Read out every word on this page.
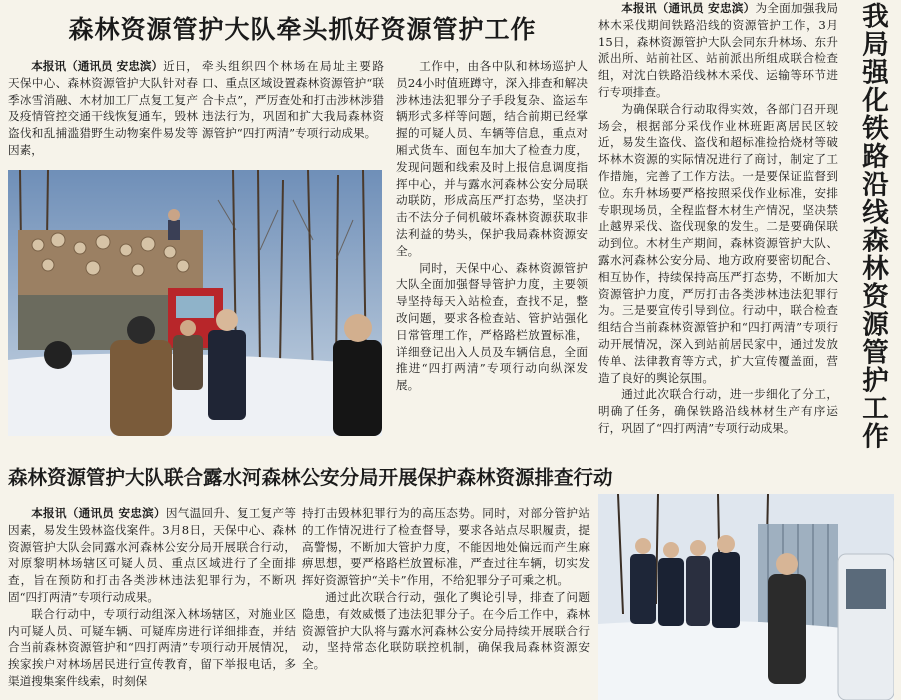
森林资源管护大队牵头抓好资源管护工作

本报讯（通讯员 安忠滨）近日，天保中心、森林资源管护大队针对春季冰雪消融、木材加工厂点复工复产及疫情管控交通干线恢复通车，毁林盗伐和乱捕滥猎野生动物案件易发等因素，

牵头组织四个林场在局址主要路口、重点区域设置森林资源管护“联合卡点”，严厉查处和打击涉林涉猎违法行为，巩固和扩大我局森林资源管护“四打两清”专项行动成果。

工作中，由各中队和林场巡护人员24小时值班蹲守，深入排查和解决涉林违法犯罪分子手段复杂、盗运车辆形式多样等问题，结合前期已经掌握的可疑人员、车辆等信息，重点对厢式货车、面包车加大了检查力度，发现问题和线索及时上报信息调度指挥中心，并与露水河森林公安分局联动联防，形成高压严打态势，坚决打击不法分子伺机破坏森林资源获取非法利益的势头，保护我局森林资源安全。

同时，天保中心、森林资源管护大队全面加强督导管护力度，主要领导坚持每天入站检查，查找不足，整改问题，要求各检查站、管护站强化日常管理工作，严格路栏放置标准，详细登记出入人员及车辆信息，全面推进“四打两清”专项行动向纵深发展。

森林资源管护大队联合露水河森林公安分局开展保护森林资源排查行动

本报讯（通讯员 安忠滨）因气温回升、复工复产等因素，易发生毁林盗伐案件。3月8日，天保中心、森林资源管护大队会同露水河森林公安分局开展联合行动，对原黎明林场辖区可疑人员、重点区域进行了全面排查，旨在预防和打击各类涉林违法犯罪行为，不断巩固“四打两清”专项行动成果。

联合行动中，专项行动组深入林场辖区，对施业区内可疑人员、可疑车辆、可疑库房进行详细排查，并结合当前森林资源管护和“四打两清”专项行动开展情况，挨家挨户对林场居民进行宣传教育，留下举报电话，多渠道搜集案件线索，时刻保

持打击毁林犯罪行为的高压态势。同时，对部分管护站的工作情况进行了检查督导，要求各站点尽职履责，提高警惕，不断加大管护力度，不能因地处偏远而产生麻痹思想，要严格路栏放置标准，严查过往车辆，切实发挥好资源管护“关卡”作用，不给犯罪分子可乘之机。

通过此次联合行动，强化了舆论引导，排查了问题隐患，有效威慑了违法犯罪分子。在今后工作中，森林资源管护大队将与露水河森林公安分局持续开展联合行动，坚持常态化联防联控机制，确保我局森林资源安全。

本报讯（通讯员 安忠滨）为全面加强我局林木采伐期间铁路沿线的资源管护工作，3月15日，森林资源管护大队会同东升林场、东升派出所、站前社区、站前派出所组成联合检查组，对沈白铁路沿线林木采伐、运输等环节进行专项排查。

为确保联合行动取得实效，各部门召开现场会，根据部分采伐作业林班距离居民区较近，易发生盗伐、盗伐和超标准捡拾烧材等破坏林木资源的实际情况进行了商讨，制定了工作措施，完善了工作方法。一是要保证监督到位。东升林场要严格按照采伐作业标准，安排专职现场员，全程监督木材生产情况，坚决禁止越界采伐、盗伐现象的发生。二是要确保联动到位。木材生产期间，森林资源管护大队、露水河森林公安分局、地方政府要密切配合、相互协作，持续保持高压严打态势，不断加大资源管护力度，严厉打击各类涉林违法犯罪行为。三是要宣传引导到位。行动中，联合检查组结合当前森林资源管护和“四打两清”专项行动开展情况，深入到站前居民家中，通过发放传单、法律教育等方式，扩大宣传覆盖面，营造了良好的舆论氛围。

通过此次联合行动，进一步细化了分工，明确了任务，确保铁路沿线林材生产有序运行，巩固了“四打两清”专项行动成果。	我局强化铁路沿线森林资源管护工作
